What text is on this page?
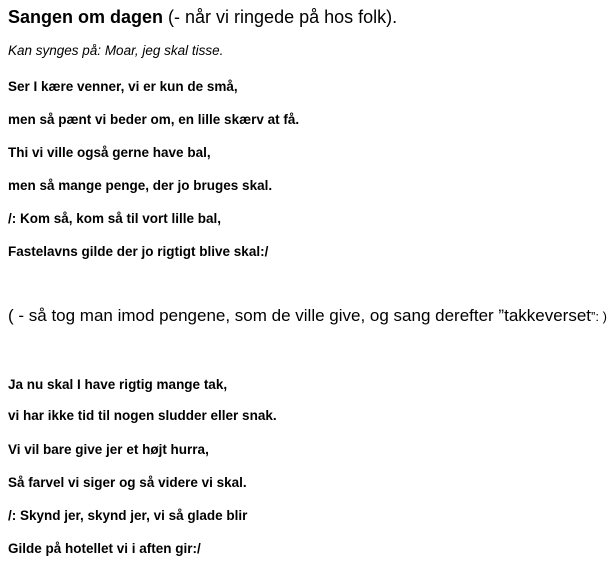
Sangen om dagen (- når vi ringede på hos folk).

Kan synges på: Moar, jeg skal tisse.

Ser I kære venner, vi er kun de små,

men så pænt vi beder om, en lille skærv at få.

Thi vi ville også gerne have bal,

men så mange penge, der jo bruges skal.

/: Kom så, kom så til vort lille bal,

Fastelavns gilde der jo rigtigt blive skal:/

( - så tog man imod pengene, som de ville give, og sang derefter ”takkeverset”: )

Ja nu skal I have rigtig mange tak,

vi har ikke tid til nogen sludder eller snak.

Vi vil bare give jer et højt hurra,

Så farvel vi siger og så videre vi skal.

/: Skynd jer, skynd jer, vi så glade blir

Gilde på hotellet vi i aften gir:/
